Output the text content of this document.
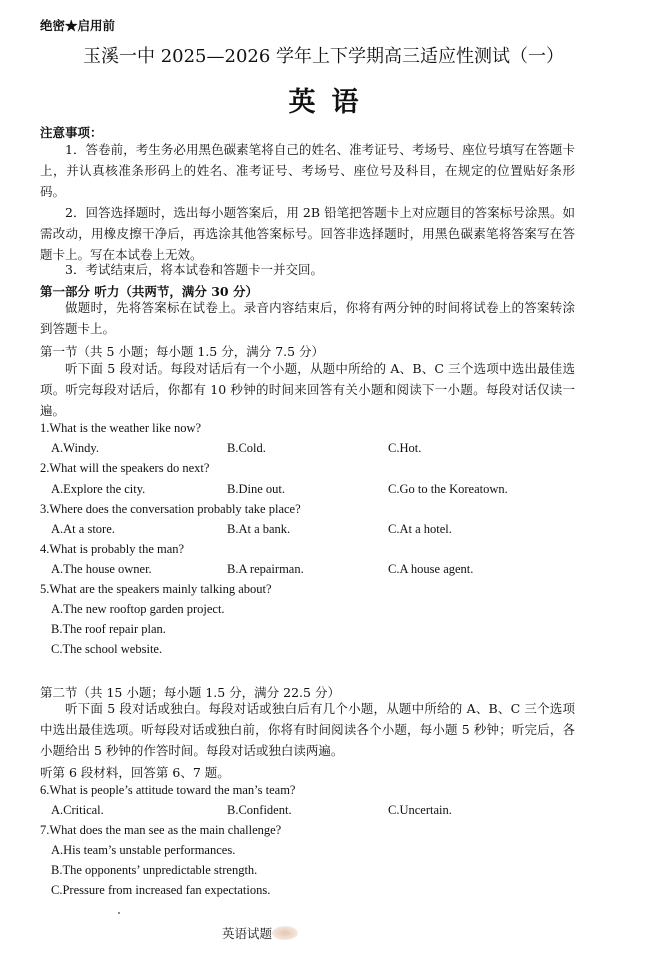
绝密★启用前
玉溪一中 2025—2026 学年上下学期高三适应性测试（一）
英语
注意事项：
1．答卷前，考生务必用黑色碳素笔将自己的姓名、准考证号、考场号、座位号填写在答题卡上，并认真核准条形码上的姓名、准考证号、考场号、座位号及科目，在规定的位置贴好条形码。
2．回答选择题时，选出每小题答案后，用 2B 铅笔把答题卡上对应题目的答案标号涂黑。如需改动，用橡皮擦干净后，再选涂其他答案标号。回答非选择题时，用黑色碳素笔将答案写在答题卡上。写在本试卷上无效。
3．考试结束后，将本试卷和答题卡一并交回。
第一部分 听力（共两节，满分 30 分）
做题时，先将答案标在试卷上。录音内容结束后，你将有两分钟的时间将试卷上的答案转涂到答题卡上。
第一节（共 5 小题；每小题 1.5 分，满分 7.5 分）
听下面 5 段对话。每段对话后有一个小题，从题中所给的 A、B、C 三个选项中选出最佳选项。听完每段对话后，你都有 10 秒钟的时间来回答有关小题和阅读下一小题。每段对话仅读一遍。
1.What is the weather like now?
A.Windy.	B.Cold.	C.Hot.
2.What will the speakers do next?
A.Explore the city.	B.Dine out.	C.Go to the Koreatown.
3.Where does the conversation probably take place?
A.At a store.	B.At a bank.	C.At a hotel.
4.What is probably the man?
A.The house owner.	B.A repairman.	C.A house agent.
5.What are the speakers mainly talking about?
A.The new rooftop garden project.
B.The roof repair plan.
C.The school website.
第二节（共 15 小题；每小题 1.5 分，满分 22.5 分）
听下面 5 段对话或独白。每段对话或独白后有几个小题，从题中所给的 A、B、C 三个选项中选出最佳选项。听每段对话或独白前，你将有时间阅读各个小题，每小题 5 秒钟；听完后，各小题给出 5 秒钟的作答时间。每段对话或独白读两遍。
听第 6 段材料，回答第 6、7 题。
6.What is people’s attitude toward the man’s team?
A.Critical.	B.Confident.	C.Uncertain.
7.What does the man see as the main challenge?
A.His team’s unstable performances.
B.The opponents’ unpredictable strength.
C.Pressure from increased fan expectations.
英语试题
